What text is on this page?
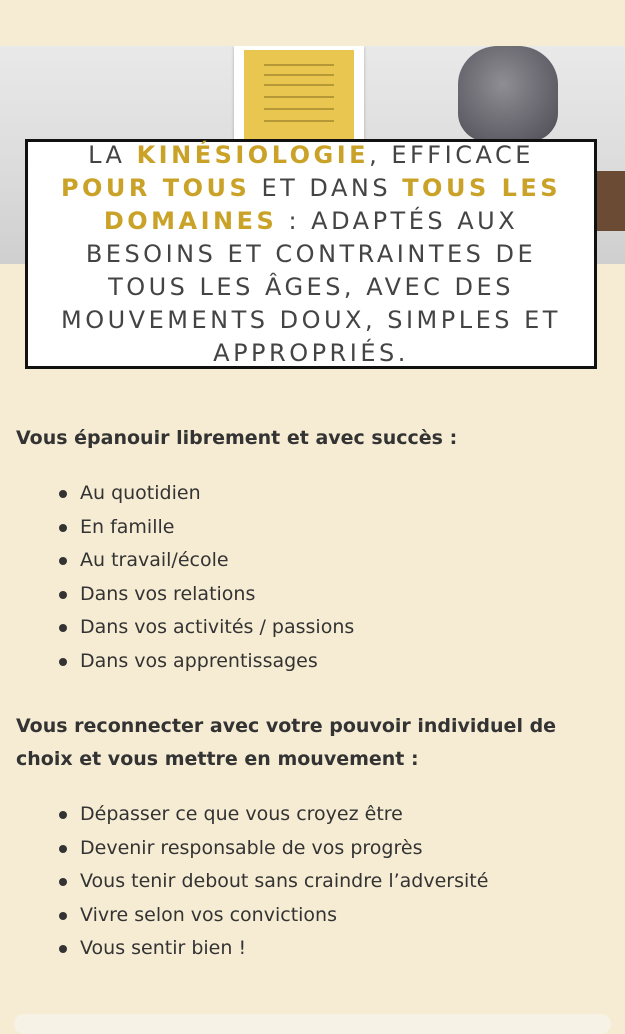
LA KINÉSIOLOGIE, EFFICACE POUR TOUS ET DANS TOUS LES DOMAINES : ADAPTÉS AUX BESOINS ET CONTRAINTES DE TOUS LES ÂGES, AVEC DES MOUVEMENTS DOUX, SIMPLES ET APPROPRIÉS.

Vous épanouir librement et avec succès :
Au quotidien
En famille
Au travail/école
Dans vos relations
Dans vos activités / passions
Dans vos apprentissages
Vous reconnecter avec votre pouvoir individuel de choix et vous mettre en mouvement :
Dépasser ce que vous croyez être
Devenir responsable de vos progrès
Vous tenir debout sans craindre l’adversité
Vivre selon vos convictions
Vous sentir bien !
